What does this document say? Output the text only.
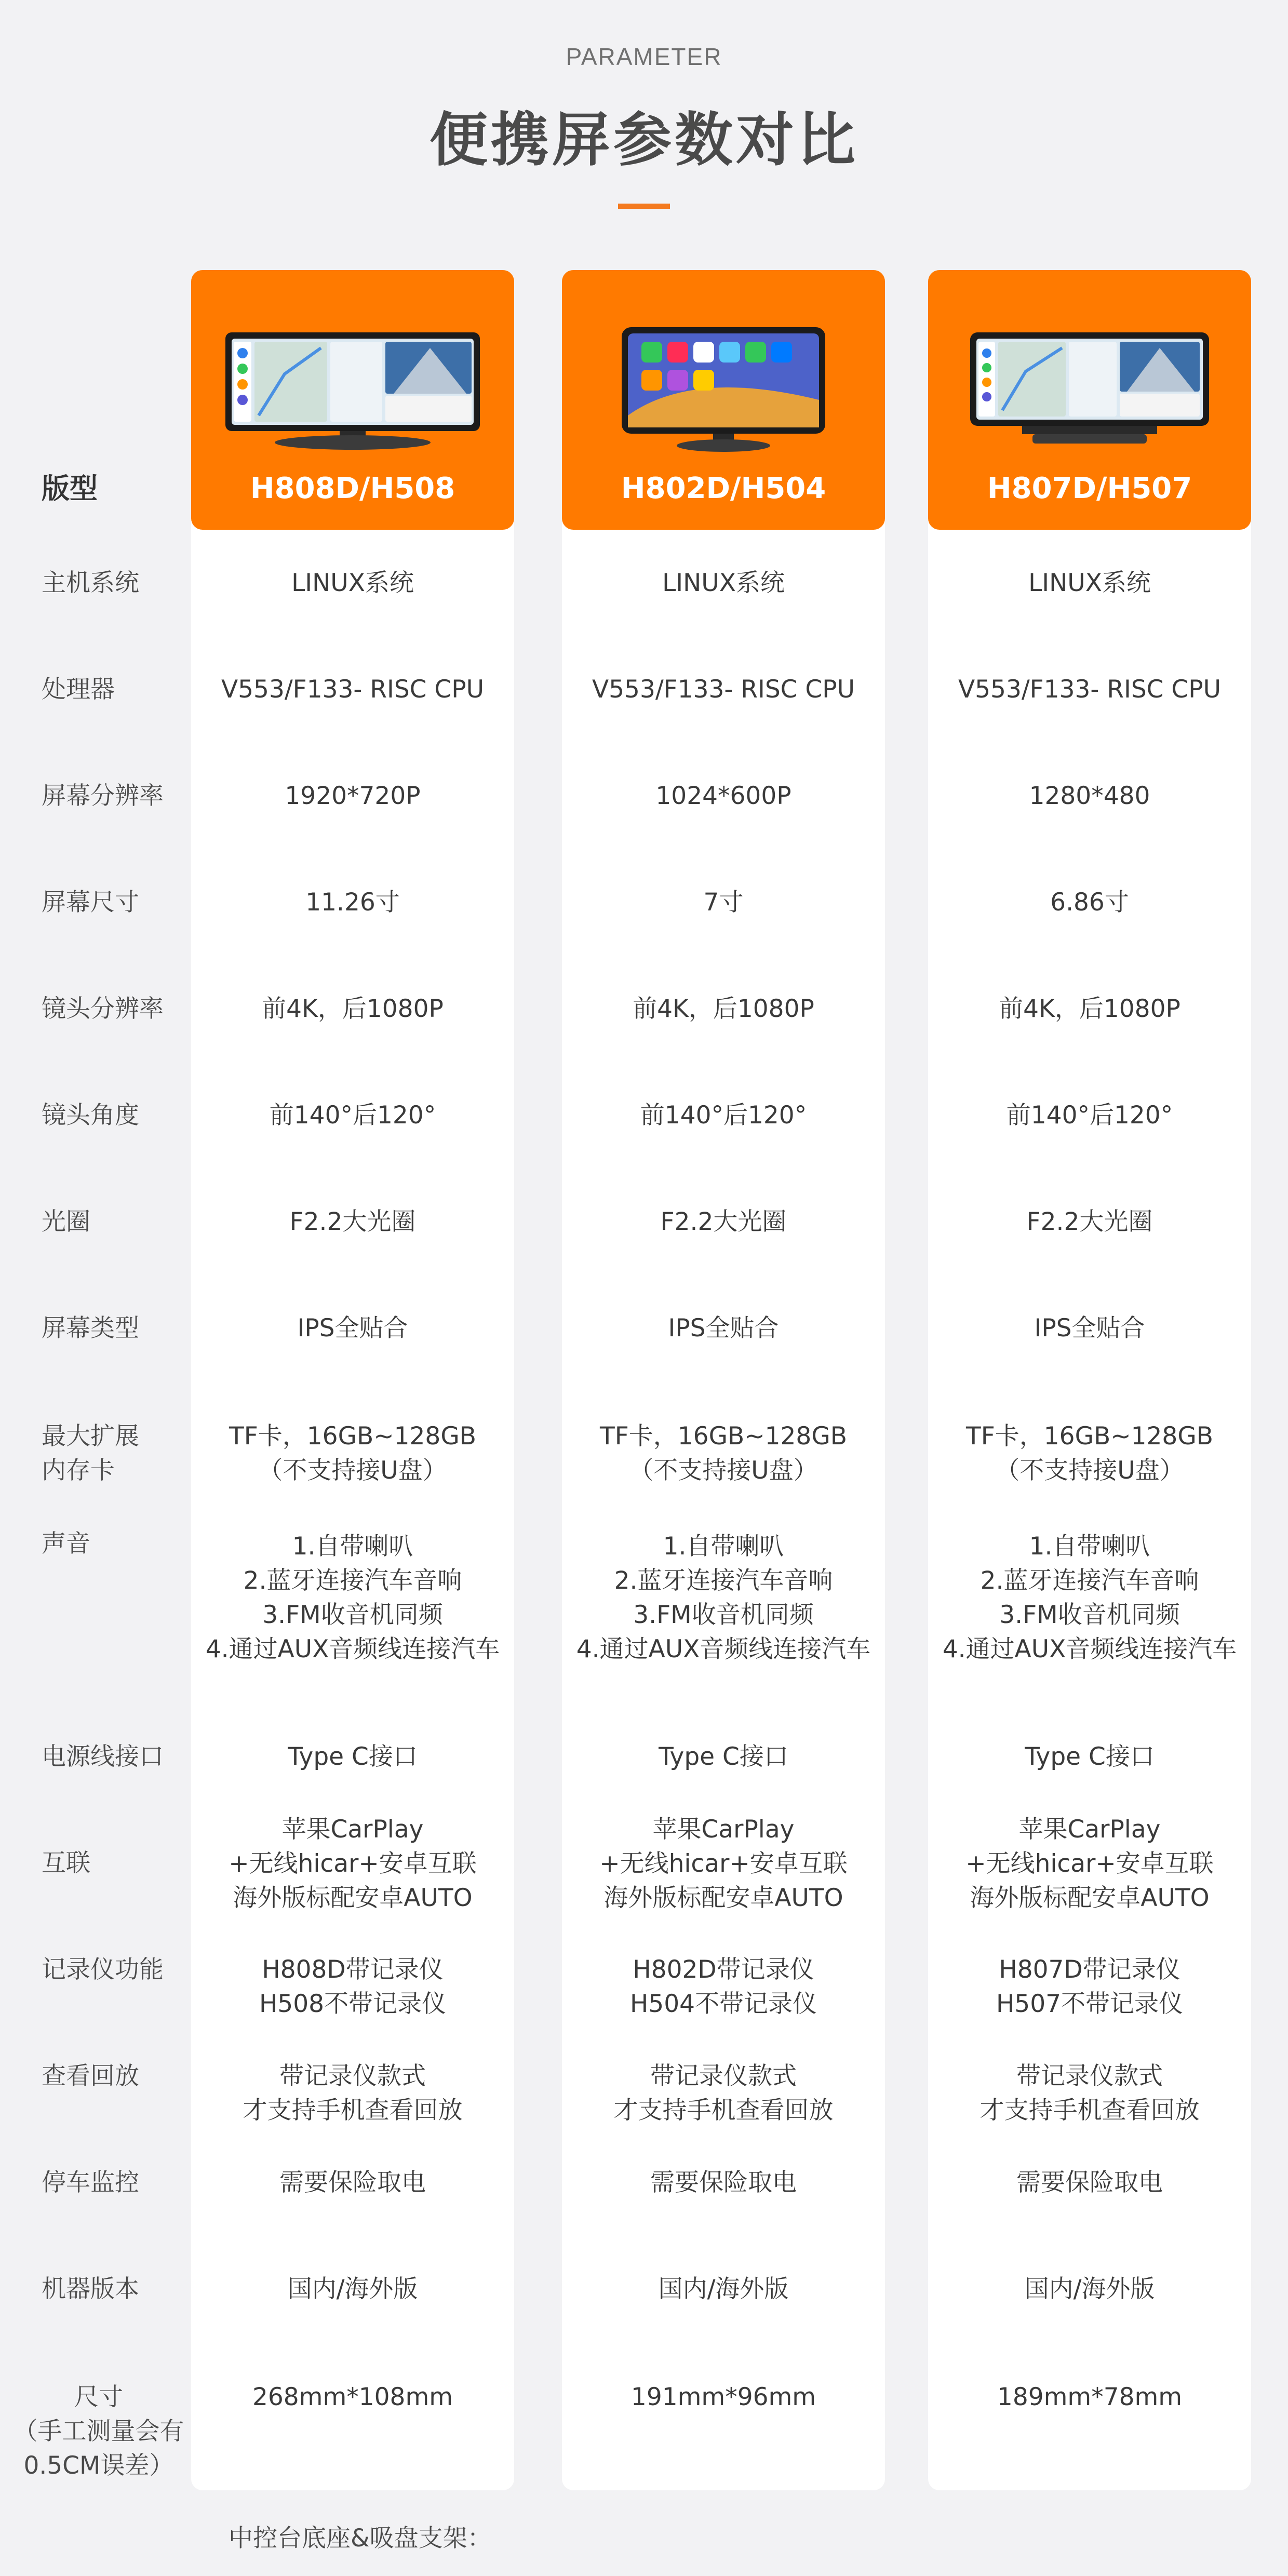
PARAMETER
便携屏参数对比
H808D/H508	H802D/H504	H807D/H507
版型
主机系统
处理器
屏幕分辨率
屏幕尺寸
镜头分辨率
镜头角度
光圈
屏幕类型
最大扩展
内存卡
声音
电源线接口
互联
记录仪功能
查看回放
停车监控
机器版本
尺寸
（手工测量会有
0.5CM误差）
LINUX系统
V553/F133- RISC CPU
1920*720P
11.26寸
前4K，后1080P
前140°后120°
F2.2大光圈
IPS全贴合
TF卡，16GB~128GB
（不支持接U盘）
1.自带喇叭
2.蓝牙连接汽车音响
3.FM收音机同频
4.通过AUX音频线连接汽车
Type C接口
苹果CarPlay
+无线hicar+安卓互联
海外版标配安卓AUTO
H808D带记录仪
H508不带记录仪
带记录仪款式
才支持手机查看回放
需要保险取电
国内/海外版
268mm*108mm
LINUX系统
V553/F133- RISC CPU
1024*600P
7寸
前4K，后1080P
前140°后120°
F2.2大光圈
IPS全贴合
TF卡，16GB~128GB
（不支持接U盘）
1.自带喇叭
2.蓝牙连接汽车音响
3.FM收音机同频
4.通过AUX音频线连接汽车
Type C接口
苹果CarPlay
+无线hicar+安卓互联
海外版标配安卓AUTO
H802D带记录仪
H504不带记录仪
带记录仪款式
才支持手机查看回放
需要保险取电
国内/海外版
191mm*96mm
LINUX系统
V553/F133- RISC CPU
1280*480
6.86寸
前4K，后1080P
前140°后120°
F2.2大光圈
IPS全贴合
TF卡，16GB~128GB
（不支持接U盘）
1.自带喇叭
2.蓝牙连接汽车音响
3.FM收音机同频
4.通过AUX音频线连接汽车
Type C接口
苹果CarPlay
+无线hicar+安卓互联
海外版标配安卓AUTO
H807D带记录仪
H507不带记录仪
带记录仪款式
才支持手机查看回放
需要保险取电
国内/海外版
189mm*78mm
中控台底座&吸盘支架：
